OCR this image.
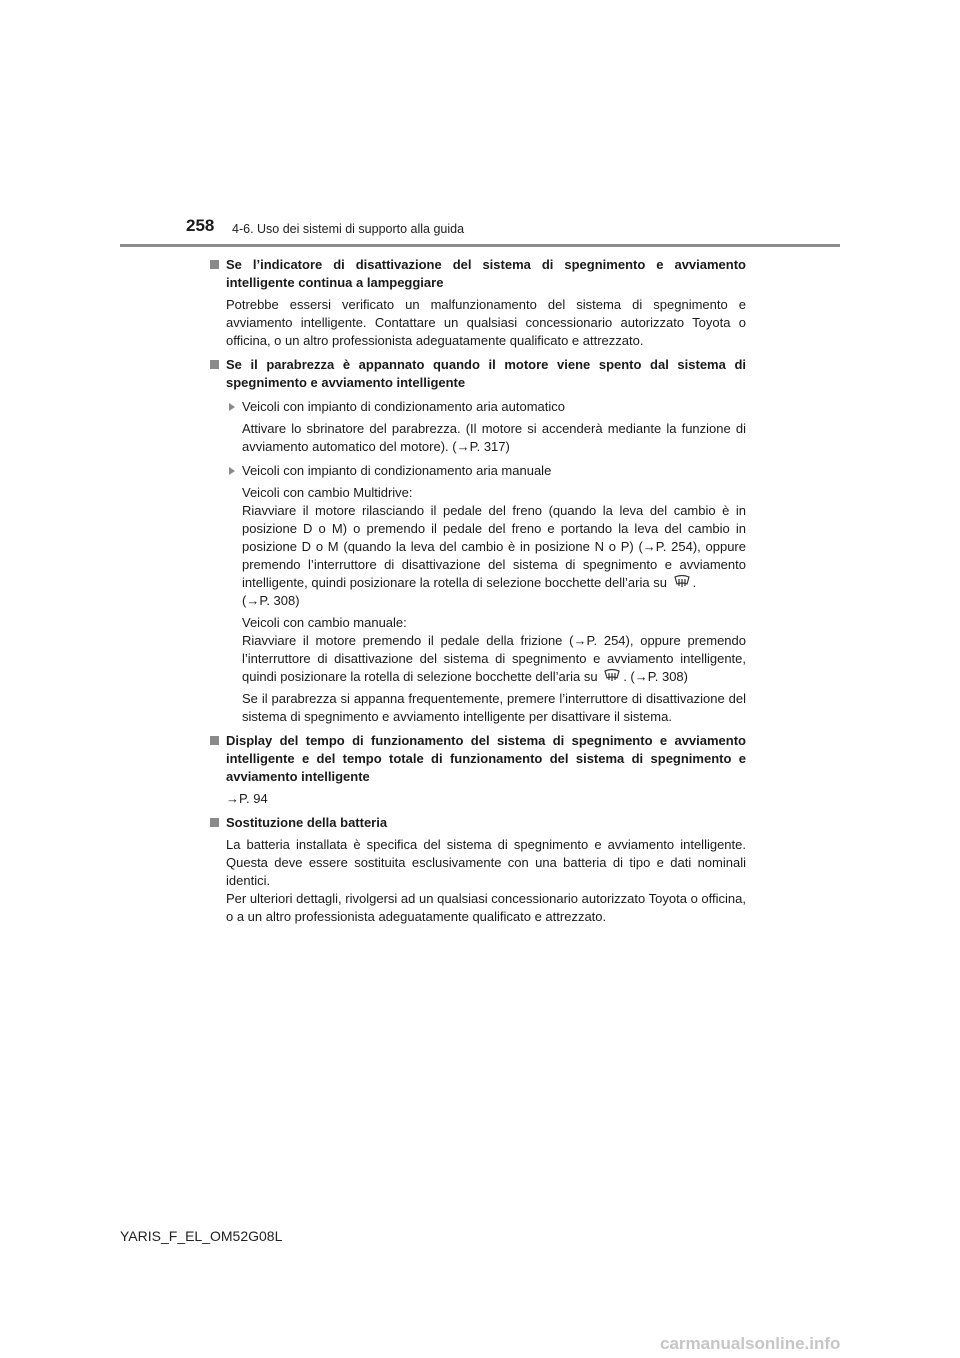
258 4-6. Uso dei sistemi di supporto alla guida
Se l’indicatore di disattivazione del sistema di spegnimento e avviamento intelligente continua a lampeggiare
Potrebbe essersi verificato un malfunzionamento del sistema di spegnimento e avviamento intelligente. Contattare un qualsiasi concessionario autorizzato Toyota o officina, o un altro professionista adeguatamente qualificato e attrezzato.
Se il parabrezza è appannato quando il motore viene spento dal sistema di spegnimento e avviamento intelligente
Veicoli con impianto di condizionamento aria automatico
Attivare lo sbrinatore del parabrezza. (Il motore si accenderà mediante la funzione di avviamento automatico del motore). (→P. 317)
Veicoli con impianto di condizionamento aria manuale
Veicoli con cambio Multidrive:
Riavviare il motore rilasciando il pedale del freno (quando la leva del cambio è in posizione D o M) o premendo il pedale del freno e portando la leva del cambio in posizione D o M (quando la leva del cambio è in posizione N o P) (→P. 254), oppure premendo l’interruttore di disattivazione del sistema di spegnimento e avviamento intelligente, quindi posizionare la rotella di selezione bocchette dell’aria su .
(→P. 308)
Veicoli con cambio manuale:
Riavviare il motore premendo il pedale della frizione (→P. 254), oppure premendo l’interruttore di disattivazione del sistema di spegnimento e avviamento intelligente, quindi posizionare la rotella di selezione bocchette dell’aria su . (→P. 308)
Se il parabrezza si appanna frequentemente, premere l’interruttore di disattivazione del sistema di spegnimento e avviamento intelligente per disattivare il sistema.
Display del tempo di funzionamento del sistema di spegnimento e avviamento intelligente e del tempo totale di funzionamento del sistema di spegnimento e avviamento intelligente
→P. 94
Sostituzione della batteria
La batteria installata è specifica del sistema di spegnimento e avviamento intelligente. Questa deve essere sostituita esclusivamente con una batteria di tipo e dati nominali identici.
Per ulteriori dettagli, rivolgersi ad un qualsiasi concessionario autorizzato Toyota o officina, o a un altro professionista adeguatamente qualificato e attrezzato.
YARIS_F_EL_OM52G08L
carmanualsonline.info
